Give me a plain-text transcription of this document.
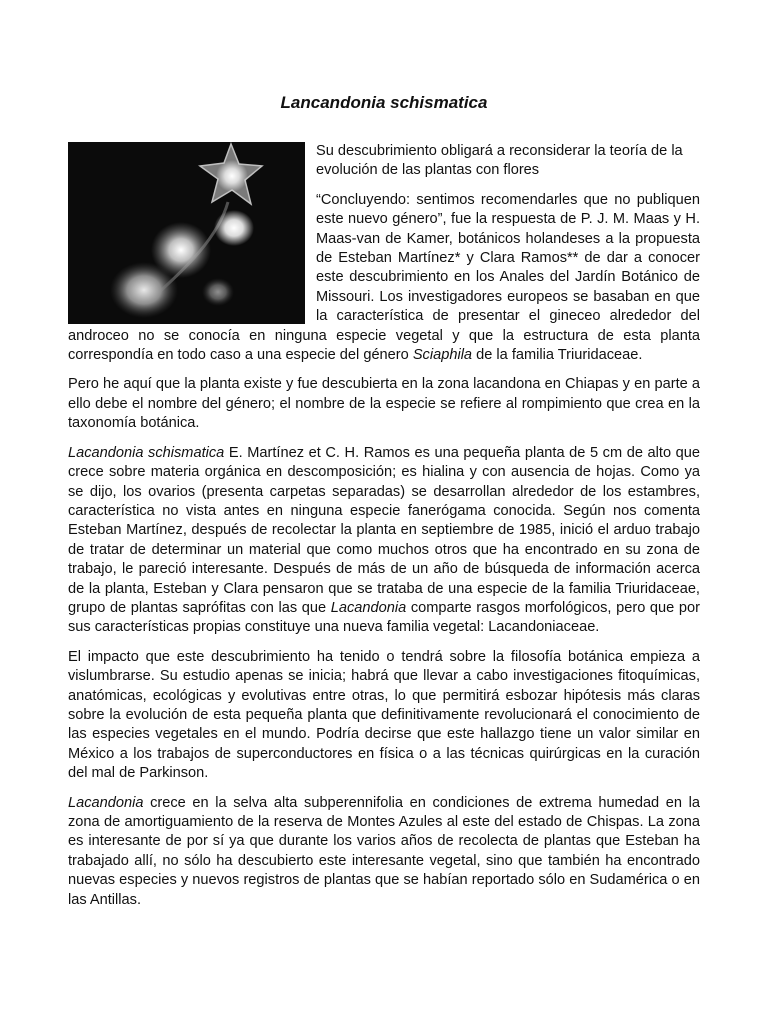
Lancandonia schismatica

Su descubrimiento obligará a reconsiderar la teoría de la evolución de las plantas con flores

“Concluyendo: sentimos recomendarles que no publiquen este nuevo género”, fue la respuesta de P. J. M. Maas y H. Maas-van de Kamer, botánicos holandeses a la propuesta de Esteban Martínez* y Clara Ramos** de dar a conocer este descubrimiento en los Anales del Jardín Botánico de Missouri. Los investigadores europeos se basaban en que la característica de presentar el gineceo alrededor del androceo no se conocía en ninguna especie vegetal y que la estructura de esta planta correspondía en todo caso a una especie del género Sciaphila de la familia Triuridaceae.

Pero he aquí que la planta existe y fue descubierta en la zona lacandona en Chiapas y en parte a ello debe el nombre del género; el nombre de la especie se refiere al rompimiento que crea en la taxonomía botánica.

Lacandonia schismatica E. Martínez et C. H. Ramos es una pequeña planta de 5 cm de alto que crece sobre materia orgánica en descomposición; es hialina y con ausencia de hojas. Como ya se dijo, los ovarios (presenta carpetas separadas) se desarrollan alrededor de los estambres, característica no vista antes en ninguna especie fanerógama conocida. Según nos comenta Esteban Martínez, después de recolectar la planta en septiembre de 1985, inició el arduo trabajo de tratar de determinar un material que como muchos otros que ha encontrado en su zona de trabajo, le pareció interesante. Después de más de un año de búsqueda de información acerca de la planta, Esteban y Clara pensaron que se trataba de una especie de la familia Triuridaceae, grupo de plantas saprófitas con las que Lacandonia comparte rasgos morfológicos, pero que por sus características propias constituye una nueva familia vegetal: Lacandoniaceae.

El impacto que este descubrimiento ha tenido o tendrá sobre la filosofía botánica empieza a vislumbrarse. Su estudio apenas se inicia; habrá que llevar a cabo investigaciones fitoquímicas, anatómicas, ecológicas y evolutivas entre otras, lo que permitirá esbozar hipótesis más claras sobre la evolución de esta pequeña planta que definitivamente revolucionará el conocimiento de las especies vegetales en el mundo. Podría decirse que este hallazgo tiene un valor similar en México a los trabajos de superconductores en física o a las técnicas quirúrgicas en la curación del mal de Parkinson.

Lacandonia crece en la selva alta subperennifolia en condiciones de extrema humedad en la zona de amortiguamiento de la reserva de Montes Azules al este del estado de Chispas. La zona es interesante de por sí ya que durante los varios años de recolecta de plantas que Esteban ha trabajado allí, no sólo ha descubierto este interesante vegetal, sino que también ha encontrado nuevas especies y nuevos registros de plantas que se habían reportado sólo en Sudamérica o en las Antillas.
